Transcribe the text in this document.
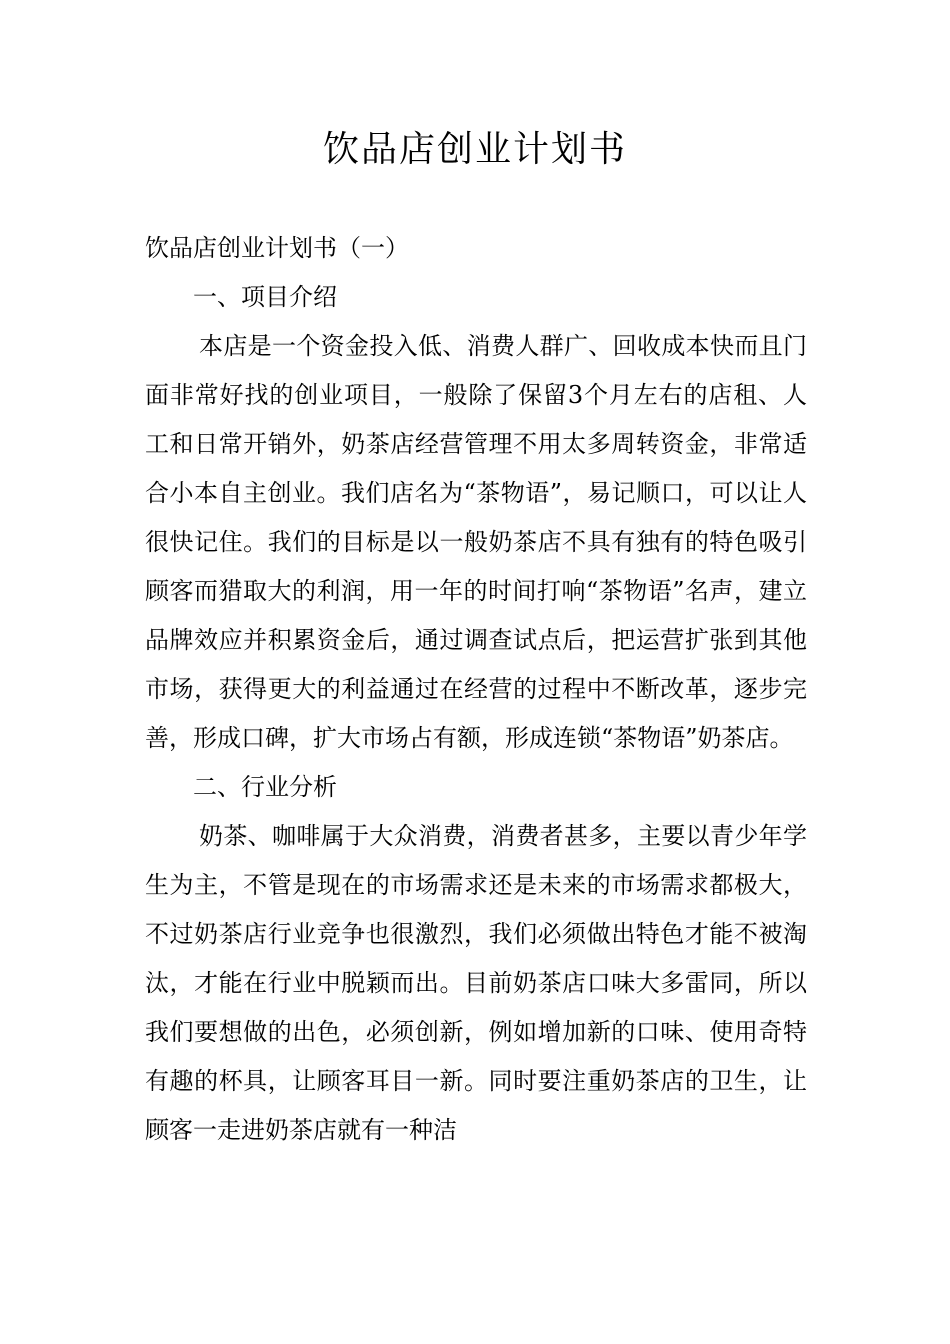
饮品店创业计划书

饮品店创业计划书（一）

一、项目介绍

本店是一个资金投入低、消费人群广、回收成本快而且门面非常好找的创业项目，一般除了保留3个月左右的店租、人工和日常开销外，奶茶店经营管理不用太多周转资金，非常适合小本自主创业。我们店名为“茶物语”，易记顺口，可以让人很快记住。我们的目标是以一般奶茶店不具有独有的特色吸引顾客而猎取大的利润，用一年的时间打响“茶物语”名声，建立品牌效应并积累资金后，通过调查试点后，把运营扩张到其他市场，获得更大的利益通过在经营的过程中不断改革，逐步完善，形成口碑，扩大市场占有额，形成连锁“茶物语”奶茶店。

二、行业分析

奶茶、咖啡属于大众消费，消费者甚多，主要以青少年学生为主，不管是现在的市场需求还是未来的市场需求都极大，不过奶茶店行业竞争也很激烈，我们必须做出特色才能不被淘汰，才能在行业中脱颖而出。目前奶茶店口味大多雷同，所以我们要想做的出色，必须创新，例如增加新的口味、使用奇特有趣的杯具，让顾客耳目一新。同时要注重奶茶店的卫生，让顾客一走进奶茶店就有一种洁
